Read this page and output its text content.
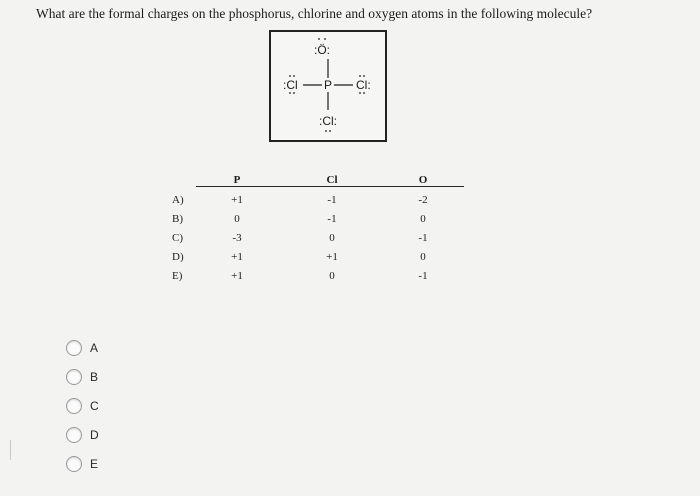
What are the formal charges on the phosphorus, chlorine and oxygen atoms in the following molecule?
:Ö:
:Cl P Cl:
:Cl:
P	Cl	O
A)	+1	-1	-2
B)	0	-1	0
C)	-3	0	-1
D)	+1	+1	0
E)	+1	0	-1
A
B
C
D
E
